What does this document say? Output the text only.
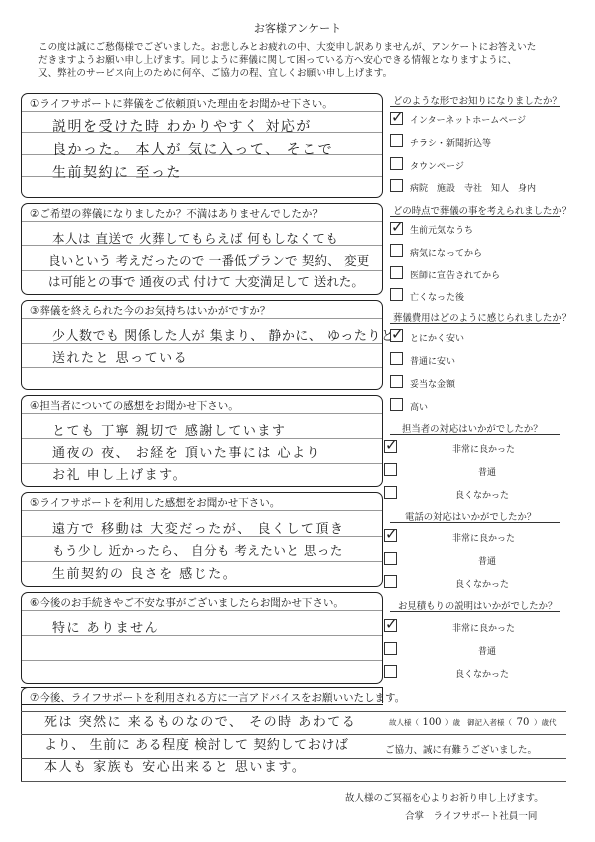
お客様アンケート
この度は誠にご愁傷様でございました。お悲しみとお疲れの中、大変申し訳ありませんが、アンケートにお答えいた
だきますようお願い申し上げます。同じように葬儀に関して困っている方へ安心できる情報となりますように、
又、弊社のサービス向上のために何卒、ご協力の程、宜しくお願い申し上げます。
①ライフサポートに葬儀をご依頼頂いた理由をお聞かせ下さい。
説明を受けた時 わかりやすく 対応が
良かった。 本人が 気に入って、 そこで
生前契約に 至った
②ご希望の葬儀になりましたか？不満はありませんでしたか？
本人は 直送で 火葬してもらえば 何もしなくても
良いという 考えだったので 一番低プランで 契約、 変更
は可能との事で 通夜の式 付けて 大変満足して 送れた。
③葬儀を終えられた今のお気持ちはいかがですか？
少人数でも 関係した人が 集まり、 静かに、 ゆったりと
送れたと 思っている
④担当者についての感想をお聞かせ下さい。
とても 丁寧 親切で 感謝しています
通夜の 夜、 お経を 頂いた事には 心より
お礼 申し上げます。
⑤ライフサポートを利用した感想をお聞かせ下さい。
遠方で 移動は 大変だったが、 良くして頂き
もう少し 近かったら、 自分も 考えたいと 思った
生前契約の 良さを 感じた。
⑥今後のお手続きやご不安な事がございましたらお聞かせ下さい。
特に ありません
⑦今後、ライフサポートを利用される方に一言アドバイスをお願いいたします。
死は 突然に 来るものなので、 その時 あわてる
より、 生前に ある程度 検討して 契約しておけば
本人も 家族も 安心出来ると 思います。
故人様（ 100 ）歳 御記入者様（ 70 ）歳代
どのような形でお知りになりましたか？
✓ インターネットホームページ
チラシ・新聞折込等
タウンページ
病院　施設　寺社　知人　身内
どの時点で葬儀の事を考えられましたか？
✓ 生前元気なうち
病気になってから
医師に宣告されてから
亡くなった後
葬儀費用はどのように感じられましたか？
✓ とにかく安い
普通に安い
妥当な金額
高い
担当者の対応はいかがでしたか？
✓	非常に良かった
普通
良くなかった
電話の対応はいかがでしたか？
✓	非常に良かった
普通
良くなかった
お見積もりの説明はいかがでしたか？
✓	非常に良かった
普通
良くなかった
ご協力、誠に有難うございました。
故人様のご冥福を心よりお祈り申し上げます。
合掌　ライフサポート社員一同
